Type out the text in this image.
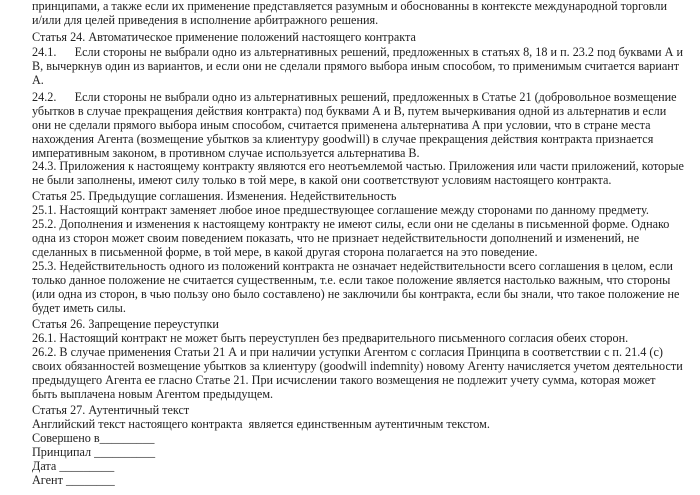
принципами, а также если их применение представляется разумным и обоснованны в контексте международной торговли
и/или для целей приведения в исполнение арбитражного решения.
Статья 24. Автоматическое применение положений настоящего контракта
24.1.      Если стороны не выбрали одно из альтернативных решений, предложенных в статьях 8, 18 и п. 23.2 под буквами А и
В, вычеркнув один из вариантов, и если они не сделали прямого выбора иным способом, то применимым считается вариант
А.
24.2.      Если стороны не выбрали одно из альтернативных решений, предложенных в Статье 21 (добровольное возмещение
убытков в случае прекращения действия контракта) под буквами А и В, путем вычеркивания одной из альтернатив и если
они не сделали прямого выбора иным способом, считается применена альтернатива А при условии, что в стране места
нахождения Агента (возмещение убытков за клиентуру goodwill) в случае прекращения действия контракта признается
императивным законом, в противном случае используется альтернатива В.
24.3. Приложения к настоящему контракту являются его неотъемлемой частью. Приложения или части приложений, которые
не были заполнены, имеют силу только в той мере, в какой они соответствуют условиям настоящего контракта.
Статья 25. Предыдущие соглашения. Изменения. Недействительность
25.1. Настоящий контракт заменяет любое иное предшествующее соглашение между сторонами по данному предмету.
25.2. Дополнения и изменения к настоящему контракту не имеют силы, если они не сделаны в письменной форме. Однако
одна из сторон может своим поведением показать, что не признает недействительности дополнений и изменений, не
сделанных в письменной форме, в той мере, в какой другая сторона полагается на это поведение.
25.3. Недействительность одного из положений контракта не означает недействительности всего соглашения в целом, если
только данное положение не считается существенным, т.е. если такое положение является настолько важным, что стороны
(или одна из сторон, в чью пользу оно было составлено) не заключили бы контракта, если бы знали, что такое положение не
будет иметь силы.
Статья 26. Запрещение переуступки
26.1. Настоящий контракт не может быть переуступлен без предварительного письменного согласия обеих сторон.
26.2. В случае применения Статьи 21 А и при наличии уступки Агентом с согласия Принципа в соответствии с п. 21.4 (с)
своих обязанностей возмещение убытков за клиентуру (goodwill indemnity) новому Агенту начисляется учетом деятельности
предыдущего Агента ее гласно Статье 21. При исчислении такого возмещения не подлежит учету сумма, которая может
быть выплачена новым Агентом предыдущем.
Статья 27. Аутентичный текст
Английский текст настоящего контракта  является единственным аутентичным текстом.
Совершено в_________
Принципал __________
Дата _________
Агент ________
